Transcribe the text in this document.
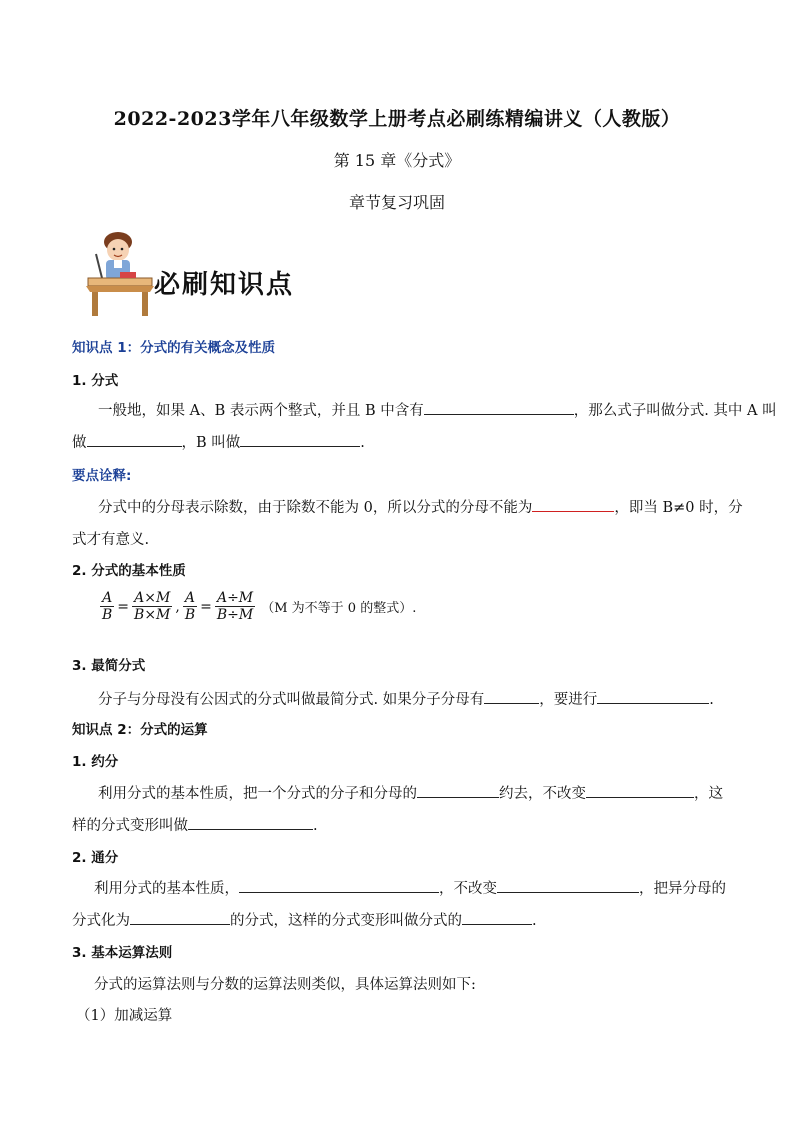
2022-2023学年八年级数学上册考点必刷练精编讲义（人教版）
第 15 章《分式》
章节复习巩固
必刷知识点
知识点 1：分式的有关概念及性质
1. 分式
一般地，如果 A、B 表示两个整式，并且 B 中含有	，那么式子叫做分式. 其中 A 叫
做	，B 叫做	.
要点诠释:
分式中的分母表示除数，由于除数不能为 0，所以分式的分母不能为	，即当 B≠0 时，分
式才有意义.
2. 分式的基本性质
$\frac{A}{B} = \frac{A\times M}{B\times M}$ , $\frac{A}{B} = \frac{A\div M}{B\div M} (M$ 为不等于 0 的整式）.
3. 最简分式
分子与分母没有公因式的分式叫做最简分式. 如果分子分母有	，要进行	.
知识点 2：分式的运算
1. 约分
利用分式的基本性质，把一个分式的分子和分母的	约去，不改变	，这
样的分式变形叫做	.
2. 通分
利用分式的基本性质，	，不改变	，把异分母的
分式化为	的分式，这样的分式变形叫做分式的	.
3. 基本运算法则
分式的运算法则与分数的运算法则类似，具体运算法则如下:
（1）加减运算
